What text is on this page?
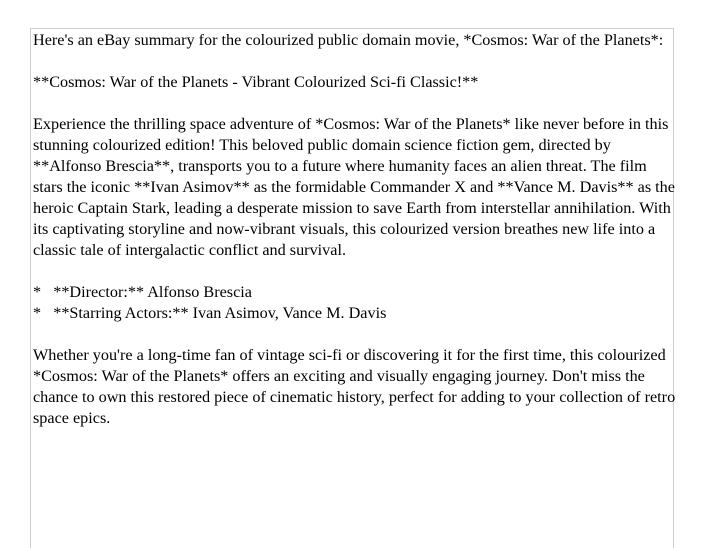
Here's an eBay summary for the colourized public domain movie, *Cosmos: War of the Planets*:

**Cosmos: War of the Planets - Vibrant Colourized Sci-fi Classic!**

Experience the thrilling space adventure of *Cosmos: War of the Planets* like never before in this stunning colourized edition! This beloved public domain science fiction gem, directed by **Alfonso Brescia**, transports you to a future where humanity faces an alien threat. The film stars the iconic **Ivan Asimov** as the formidable Commander X and **Vance M. Davis** as the heroic Captain Stark, leading a desperate mission to save Earth from interstellar annihilation. With its captivating storyline and now-vibrant visuals, this colourized version breathes new life into a classic tale of intergalactic conflict and survival.

*   **Director:** Alfonso Brescia
*   **Starring Actors:** Ivan Asimov, Vance M. Davis

Whether you're a long-time fan of vintage sci-fi or discovering it for the first time, this colourized *Cosmos: War of the Planets* offers an exciting and visually engaging journey. Don't miss the chance to own this restored piece of cinematic history, perfect for adding to your collection of retro space epics.
